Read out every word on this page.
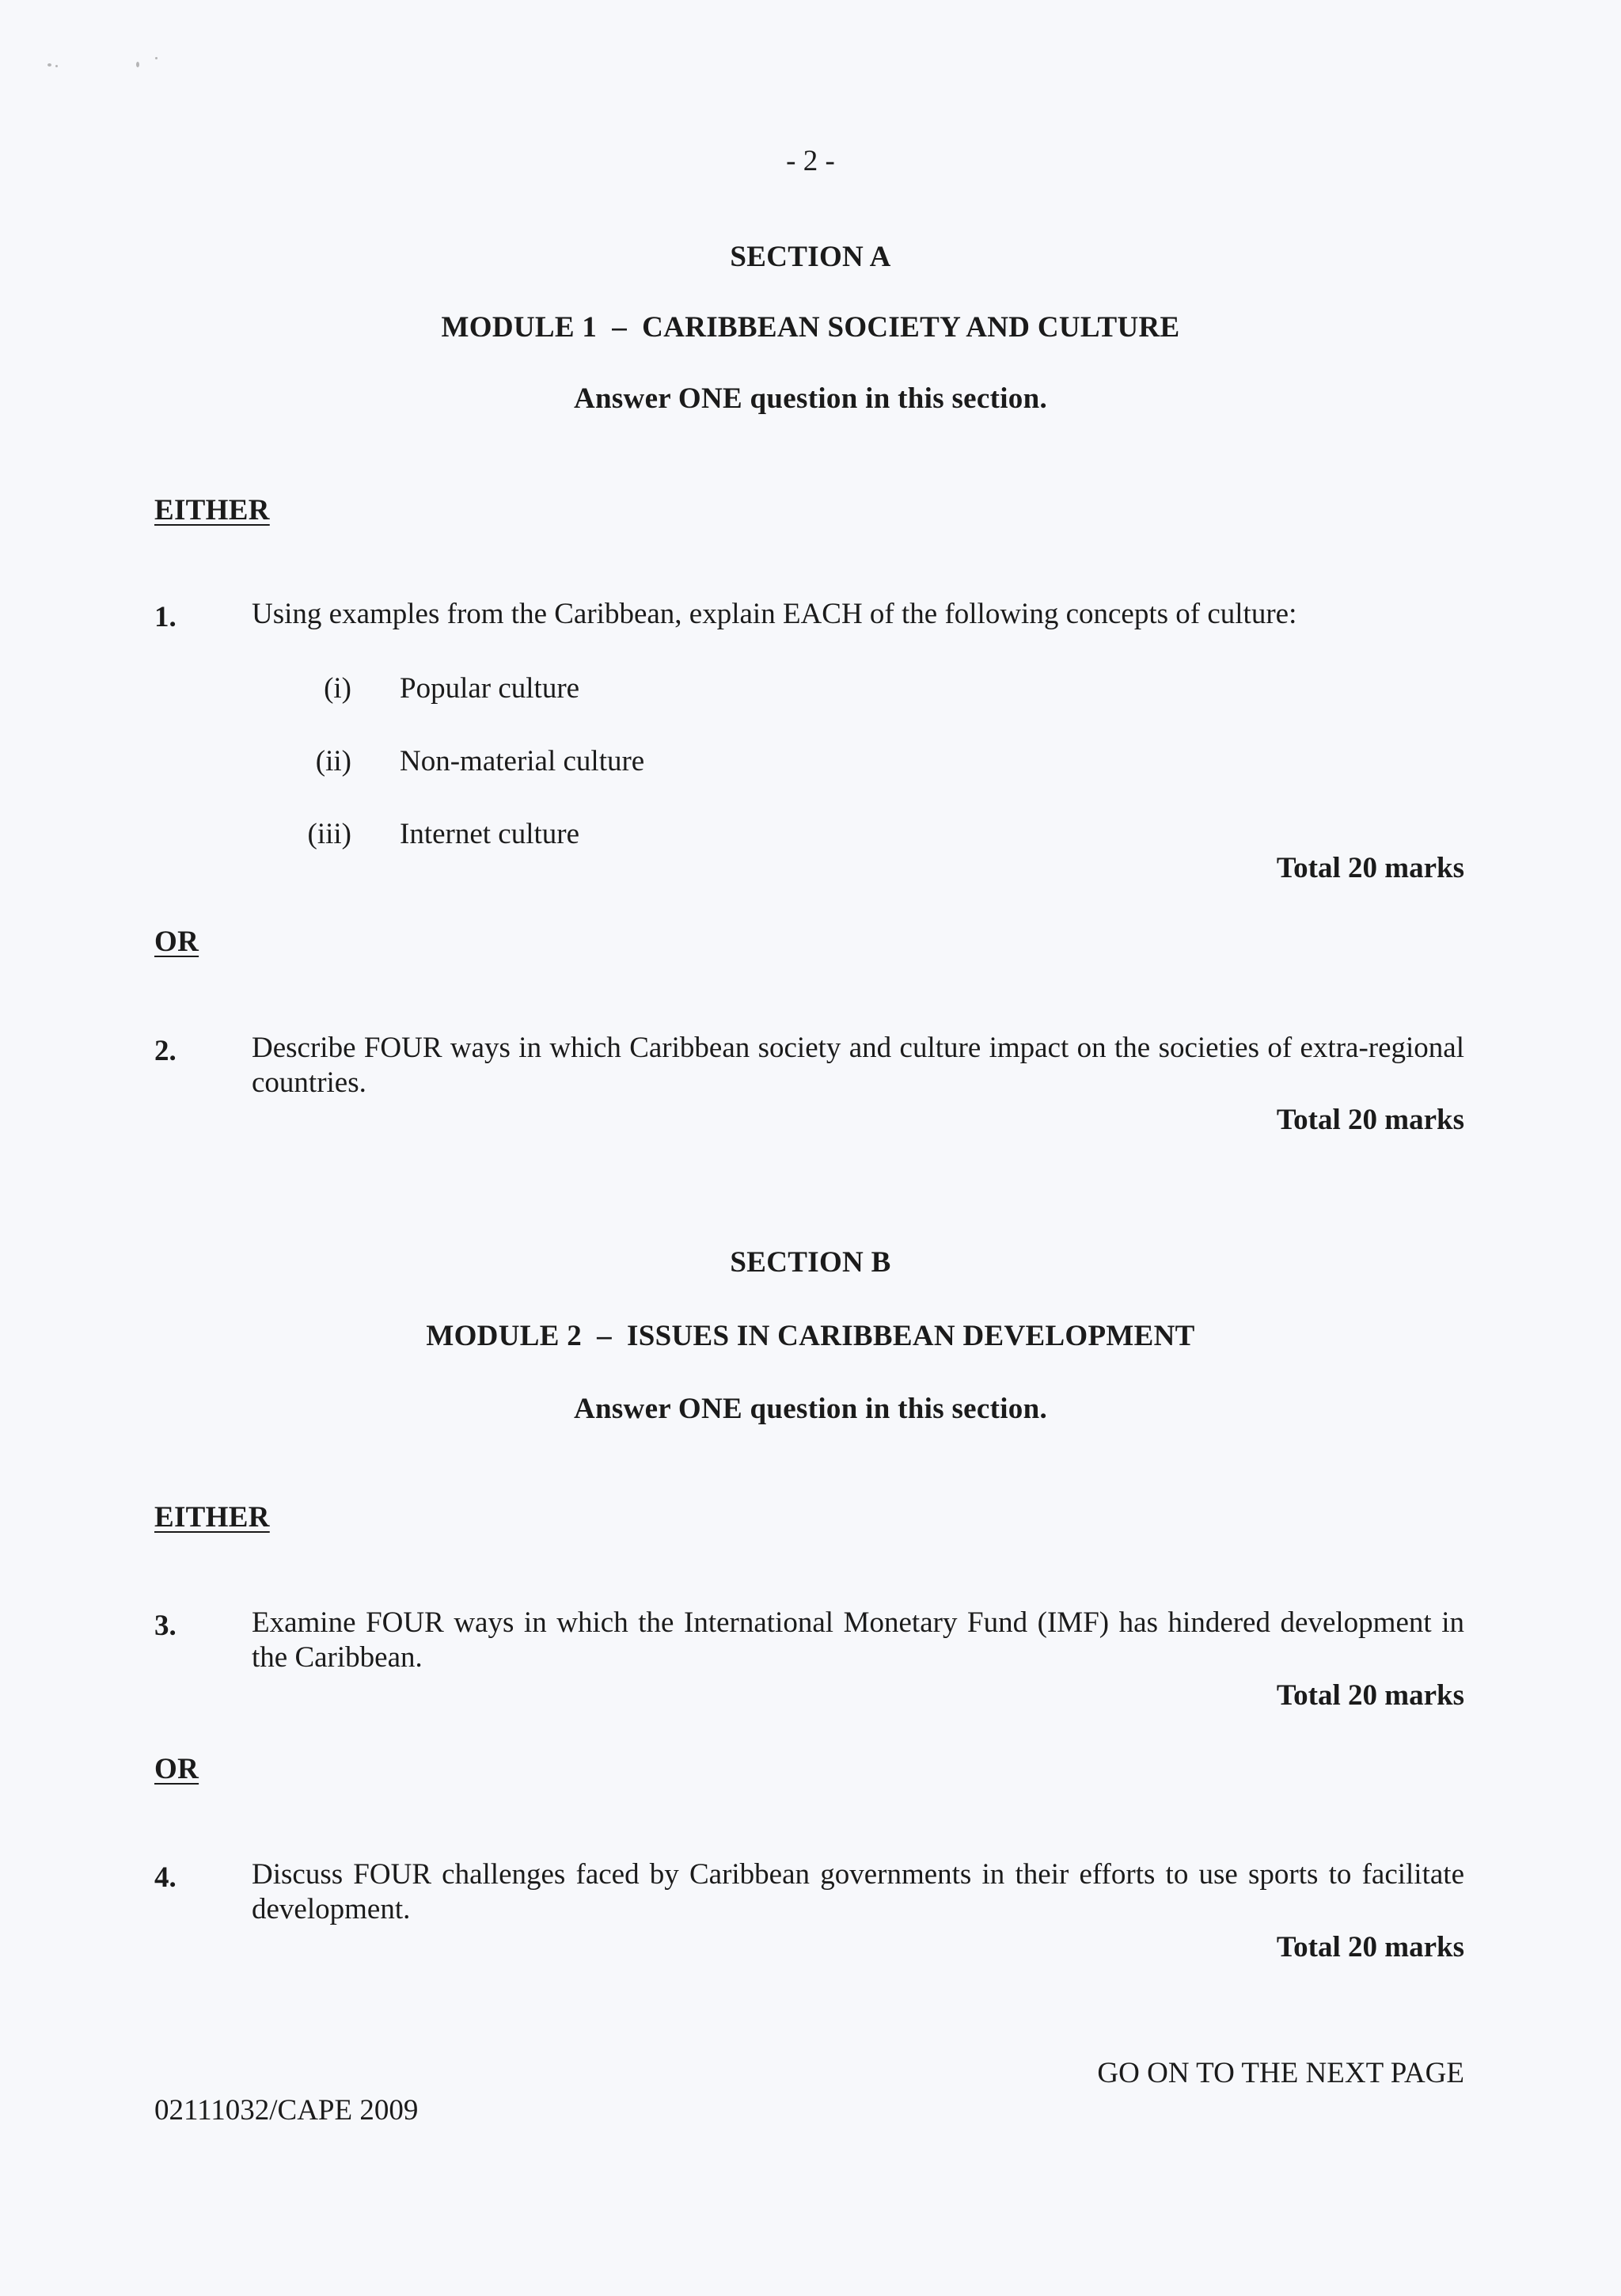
- 2 -
SECTION A
MODULE 1  –  CARIBBEAN SOCIETY AND CULTURE
Answer ONE question in this section.
EITHER
1.	Using examples from the Caribbean, explain EACH of the following concepts of culture:
(i) Popular culture
(ii) Non-material culture
(iii) Internet culture
Total 20 marks
OR
2.	Describe FOUR ways in which Caribbean society and culture impact on the societies of extra-regional countries.
Total 20 marks
SECTION B
MODULE 2  –  ISSUES IN CARIBBEAN DEVELOPMENT
Answer ONE question in this section.
EITHER
3.	Examine FOUR ways in which the International Monetary Fund (IMF) has hindered development in the Caribbean.
Total 20 marks
OR
4.	Discuss FOUR challenges faced by Caribbean governments in their efforts to use sports to facilitate development.
Total 20 marks
GO ON TO THE NEXT PAGE
02111032/CAPE 2009
